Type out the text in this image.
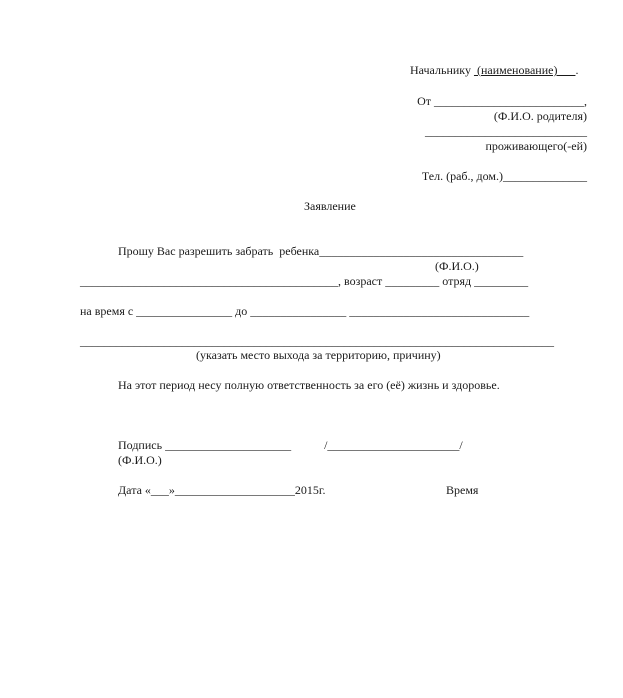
Начальнику  (наименование)      .

От _________________________,
(Ф.И.О. родителя)
___________________________
проживающего(-ей)
Тел. (раб., дом.)______________
Заявление
Прошу Вас разрешить забрать  ребенка__________________________________
(Ф.И.О.)
___________________________________________, возраст _________ отряд _________
на время с ________________ до ________________ ______________________________
_______________________________________________________________________________
(указать место выхода за территорию, причину)
На этот период несу полную ответственность за его (её) жизнь и здоровье.
Подпись _____________________           /______________________/
(Ф.И.О.)
Дата «___»____________________2015г.	Время
